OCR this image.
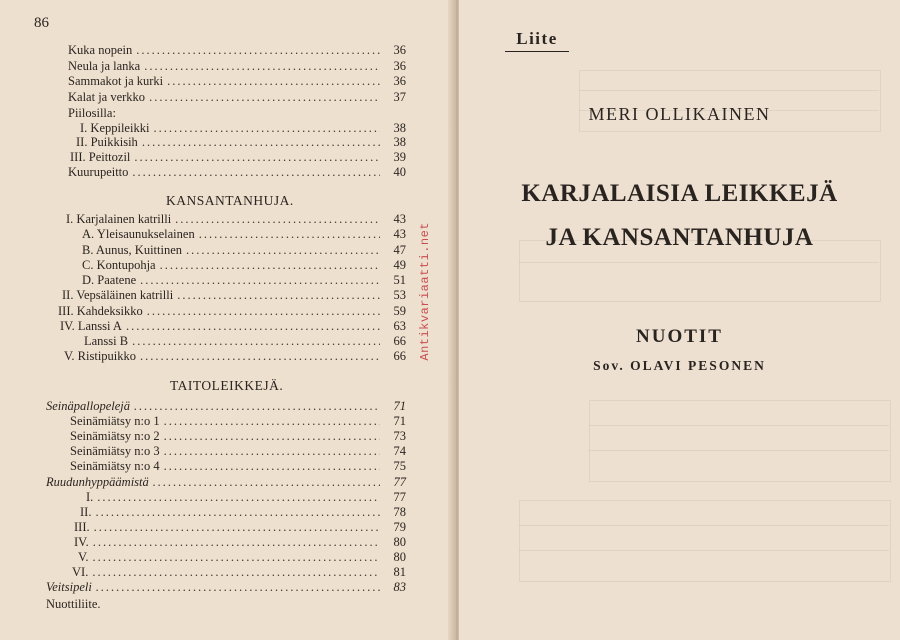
86
Kuka nopein .....	36
Neula ja lanka .....	36
Sammakot ja kurki .....	36
Kalat ja verkko .....	37
Piilosilla:
I. Keppileikki .....	38
II. Puikkisih .....	38
III. Peittozil .....	39
Kuurupeitto .....	40
KANSANTANHUJA.
I. Karjalainen katrilli .....	43
A. Yleisaunukselainen .....	43
B. Aunus, Kuittinen .....	47
C. Kontupohja .....	49
D. Paatene .....	51
II. Vepsäläinen katrilli .....	53
III. Kahdeksikko .....	59
IV. Lanssi A .....	63
Lanssi B .....	66
V. Ristipuikko .....	66
TAITOLEIKKEJÄ.
Seinäpallopelejä .....	71
Seinämiätsy n:o 1 .....	71
Seinämiätsy n:o 2 .....	73
Seinämiätsy n:o 3 .....	74
Seinämiätsy n:o 4 .....	75
Ruudunhyppäämistä .....	77
I. .....	77
II. .....	78
III. .....	79
IV. .....	80
V. .....	80
VI. .....	81
Veitsipeli .....	83
Nuottiliite.
Antikvariaatti.net
Liite
MERI OLLIKAINEN
KARJALAISIA LEIKKEJÄ
JA KANSANTANHUJA
NUOTIT
Sov. OLAVI PESONEN
